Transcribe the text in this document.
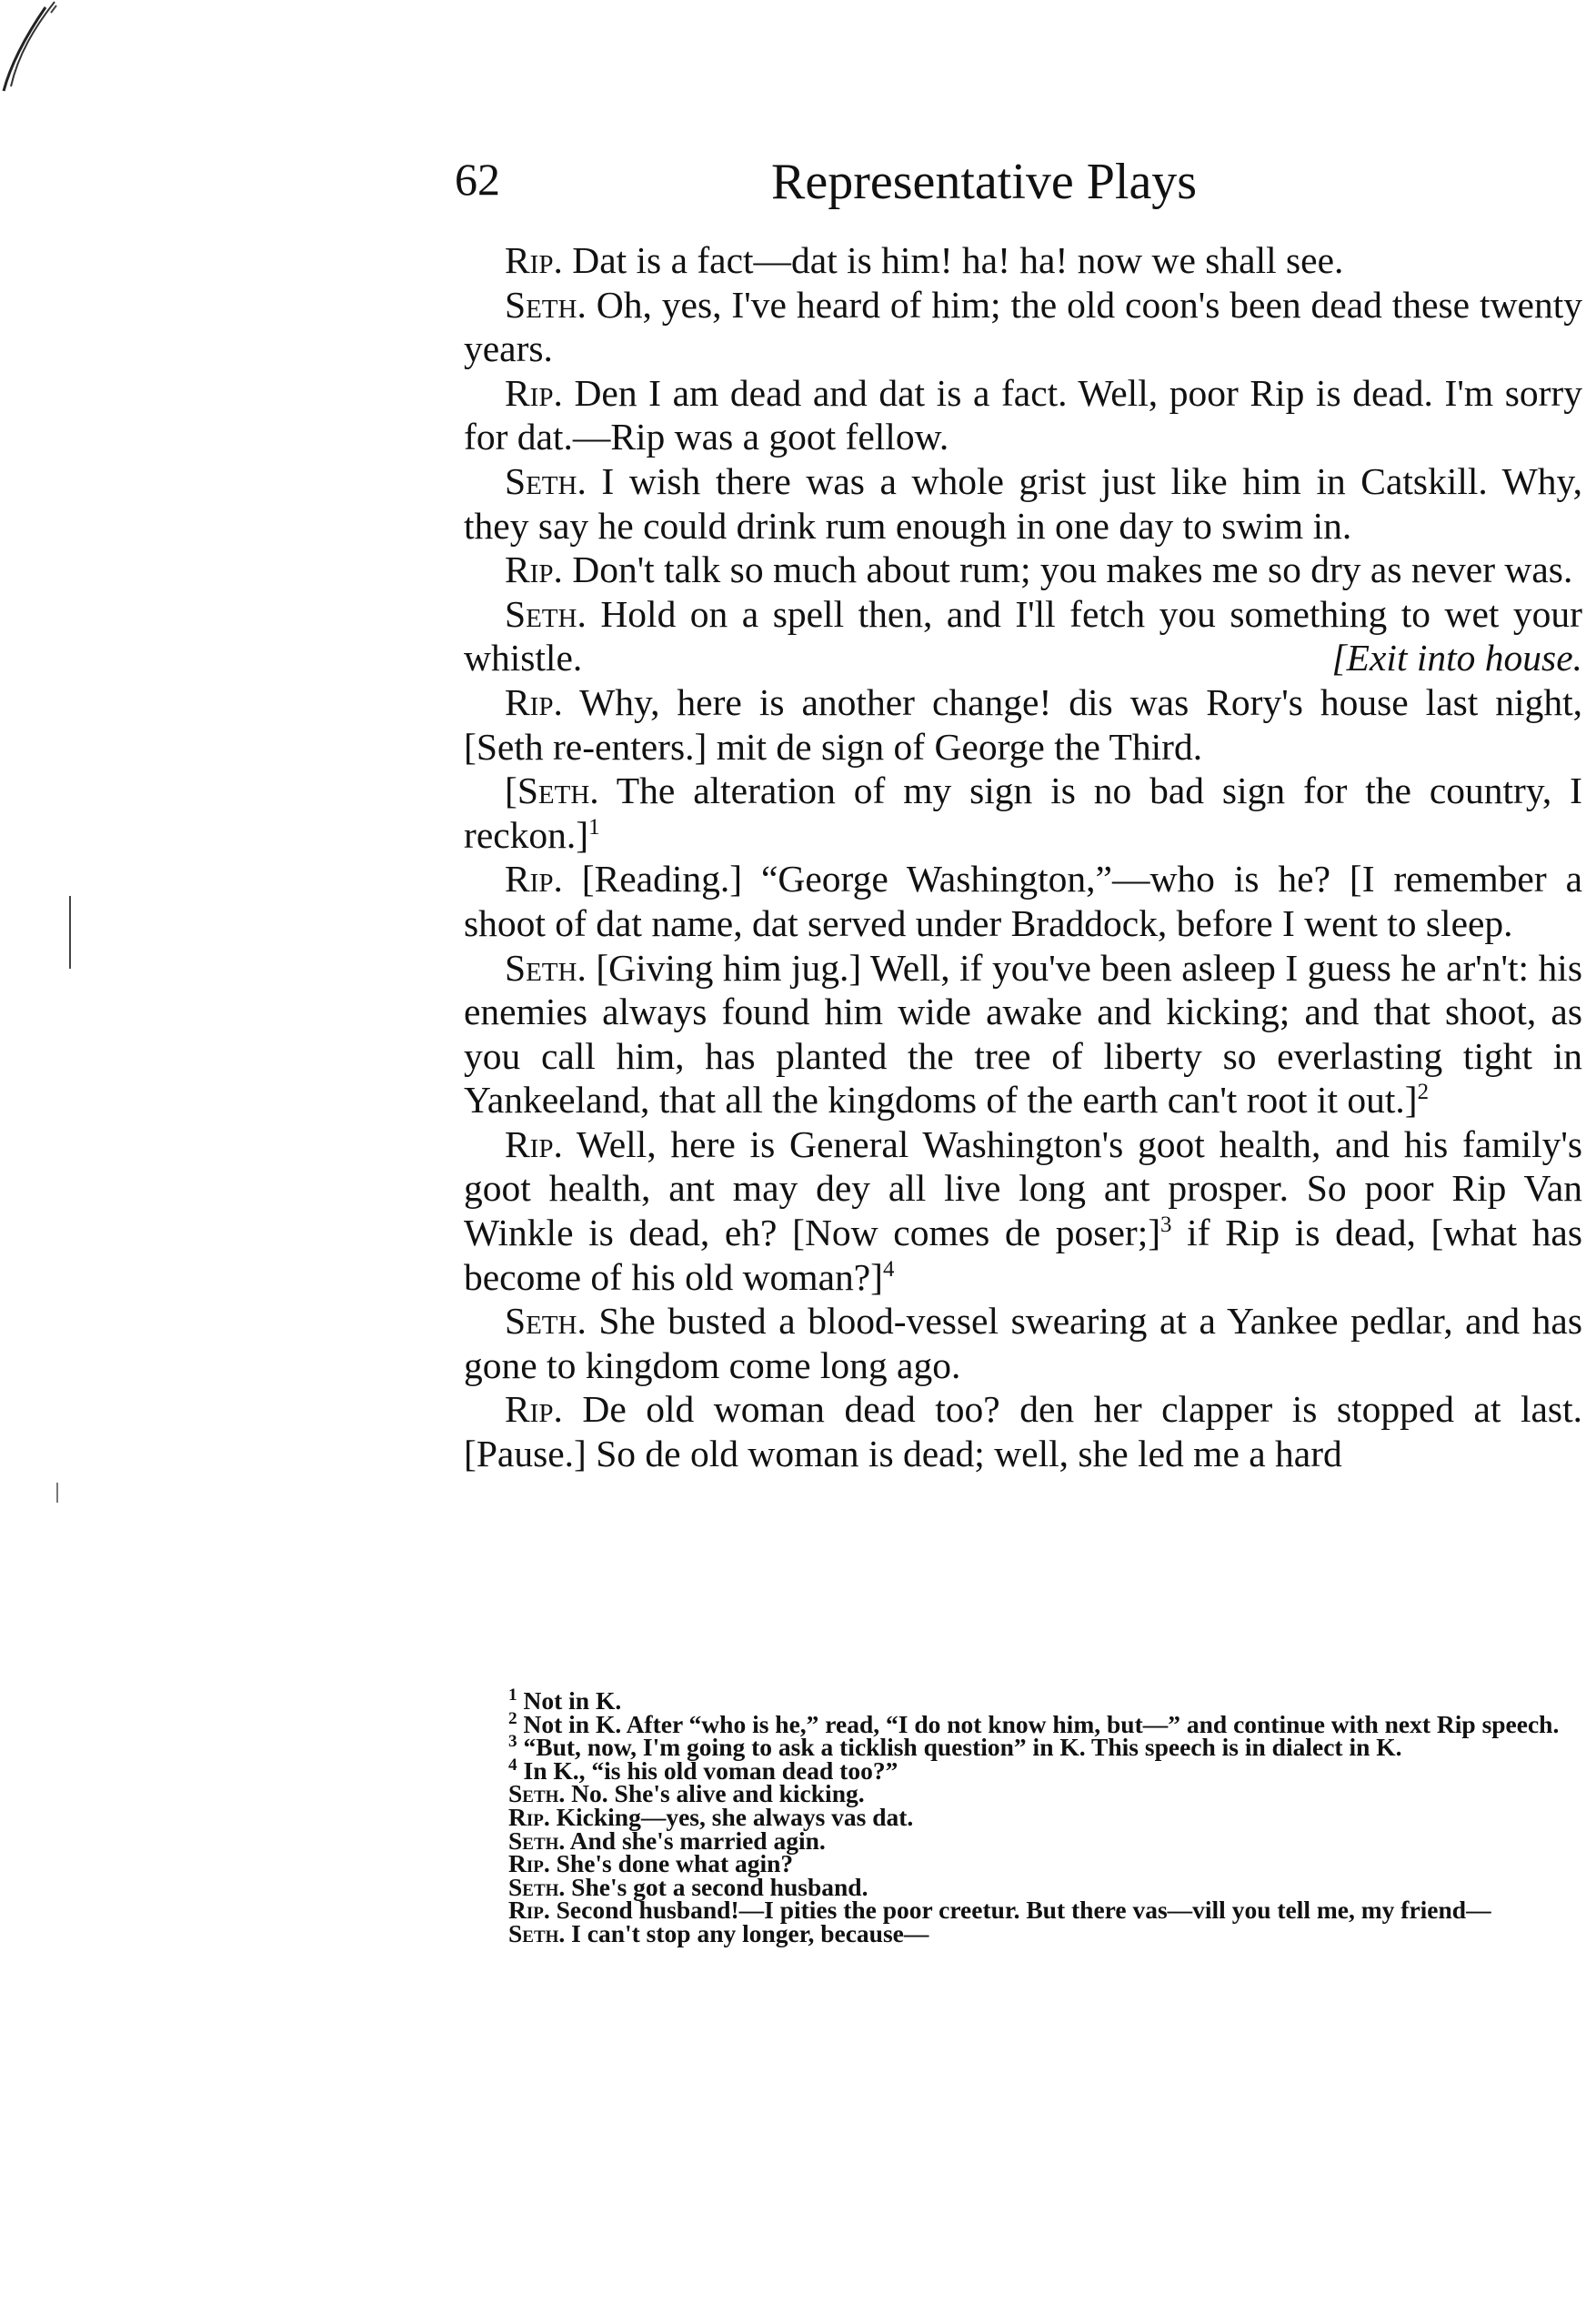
62	Representative Plays

Rip. Dat is a fact—dat is him! ha! ha! now we shall see.

Seth. Oh, yes, I've heard of him; the old coon's been dead these twenty years.

Rip. Den I am dead and dat is a fact. Well, poor Rip is dead. I'm sorry for dat.—Rip was a goot fellow.

Seth. I wish there was a whole grist just like him in Catskill. Why, they say he could drink rum enough in one day to swim in.

Rip. Don't talk so much about rum; you makes me so dry as never was.

Seth. Hold on a spell then, and I'll fetch you something to wet your whistle.	[Exit into house.

Rip. Why, here is another change! dis was Rory's house last night, [Seth re-enters.] mit de sign of George the Third.

[Seth. The alteration of my sign is no bad sign for the country, I reckon.]$^1$

Rip. [Reading.] “George Washington,”—who is he? [I remember a shoot of dat name, dat served under Braddock, before I went to sleep.

Seth. [Giving him jug.] Well, if you've been asleep I guess he ar'n't: his enemies always found him wide awake and kicking; and that shoot, as you call him, has planted the tree of liberty so everlasting tight in Yankeeland, that all the kingdoms of the earth can't root it out.]$^2$

Rip. Well, here is General Washington's goot health, and his family's goot health, ant may dey all live long ant prosper. So poor Rip Van Winkle is dead, eh? [Now comes de poser;]$^3$ if Rip is dead, [what has become of his old woman?]$^4$

Seth. She busted a blood-vessel swearing at a Yankee pedlar, and has gone to kingdom come long ago.

Rip. De old woman dead too? den her clapper is stopped at last. [Pause.] So de old woman is dead; well, she led me a hard

$^1$ Not in K.

$^2$ Not in K. After “who is he,” read, “I do not know him, but—” and continue with next Rip speech.

$^3$ “But, now, I'm going to ask a ticklish question” in K. This speech is in dialect in K.

$^4$ In K., “is his old voman dead too?”

Seth. No. She's alive and kicking.

Rip. Kicking—yes, she always vas dat.

Seth. And she's married agin.

Rip. She's done what agin?

Seth. She's got a second husband.

Rip. Second husband!—I pities the poor creetur. But there vas—vill you tell me, my friend—

Seth. I can't stop any longer, because—
